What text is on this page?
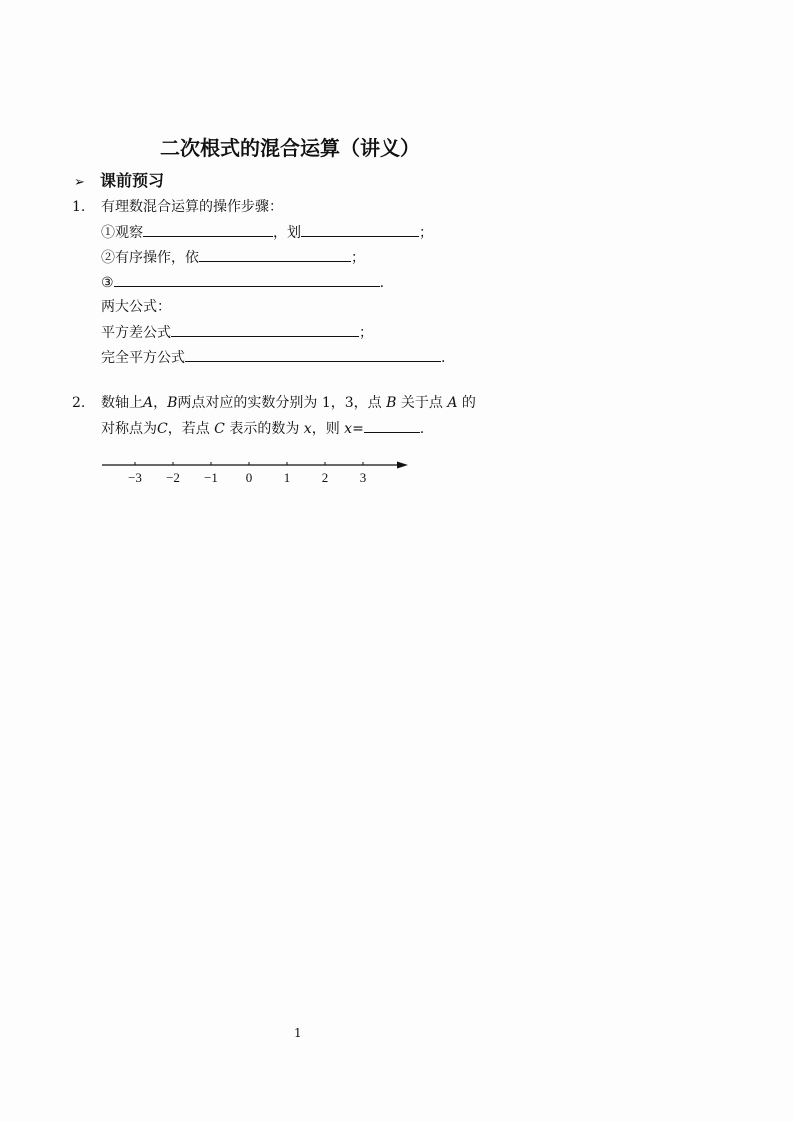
二次根式的混合运算（讲义）
➢ 课前预习
1. 有理数混合运算的操作步骤：
①观察	，划	；
②有序操作，依	；
③	.
两大公式：
平方差公式	；
完全平方公式	.
2. 数轴上A，B两点对应的实数分别为 1，3，点 B 关于点 A 的
对称点为C，若点 C 表示的数为 x，则 x=	.
−3 −2 −1 0 1 2 3
1
